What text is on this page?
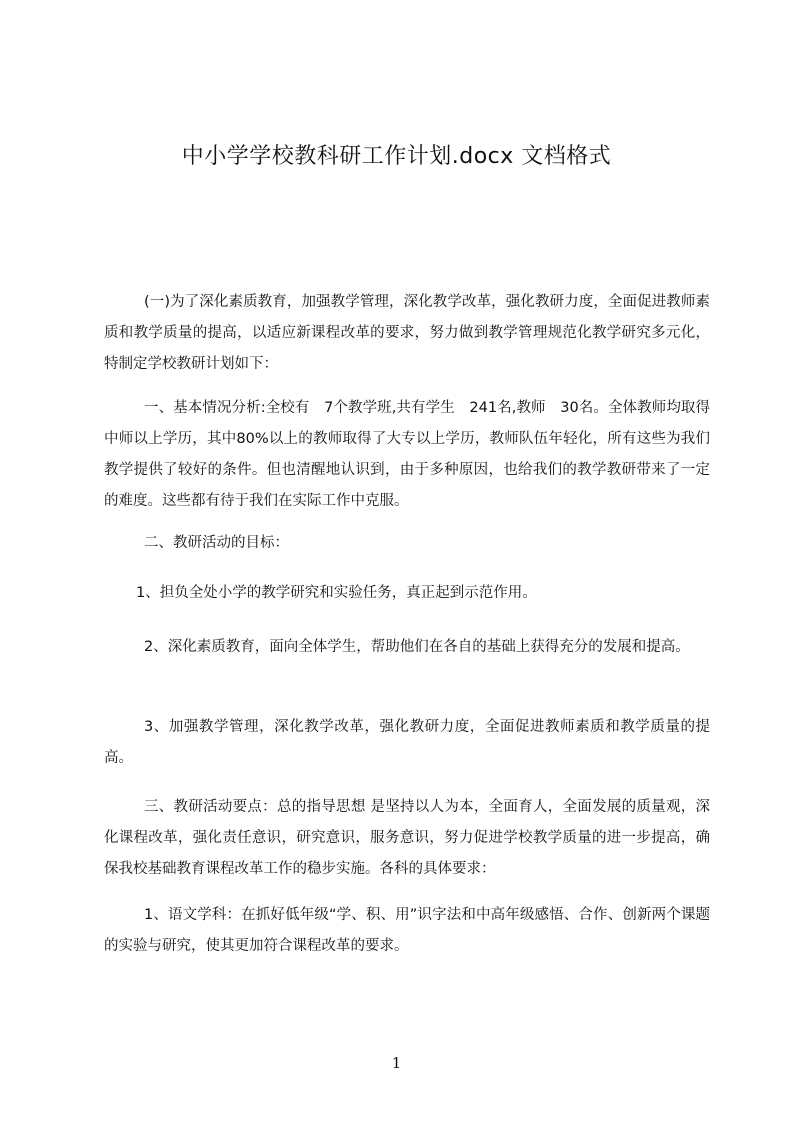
中小学学校教科研工作计划.docx 文档格式

(一)为了深化素质教育，加强教学管理，深化教学改革，强化教研力度，全面促进教师素质和教学质量的提高，以适应新课程改革的要求，努力做到教学管理规范化教学研究多元化，特制定学校教研计划如下：

一、基本情况分析:全校有　7个教学班,共有学生　241名,教师　30名。全体教师均取得中师以上学历，其中80%以上的教师取得了大专以上学历，教师队伍年轻化，所有这些为我们教学提供了较好的条件。但也清醒地认识到，由于多种原因，也给我们的教学教研带来了一定的难度。这些都有待于我们在实际工作中克服。

二、教研活动的目标：

1、担负全处小学的教学研究和实验任务，真正起到示范作用。

2、深化素质教育，面向全体学生，帮助他们在各自的基础上获得充分的发展和提高。

3、加强教学管理，深化教学改革，强化教研力度，全面促进教师素质和教学质量的提高。

三、教研活动要点：总的指导思想 是坚持以人为本，全面育人，全面发展的质量观，深化课程改革，强化责任意识，研究意识，服务意识，努力促进学校教学质量的进一步提高，确保我校基础教育课程改革工作的稳步实施。各科的具体要求：

1、语文学科：在抓好低年级“学、积、用”识字法和中高年级感悟、合作、创新两个课题的实验与研究，使其更加符合课程改革的要求。

1
